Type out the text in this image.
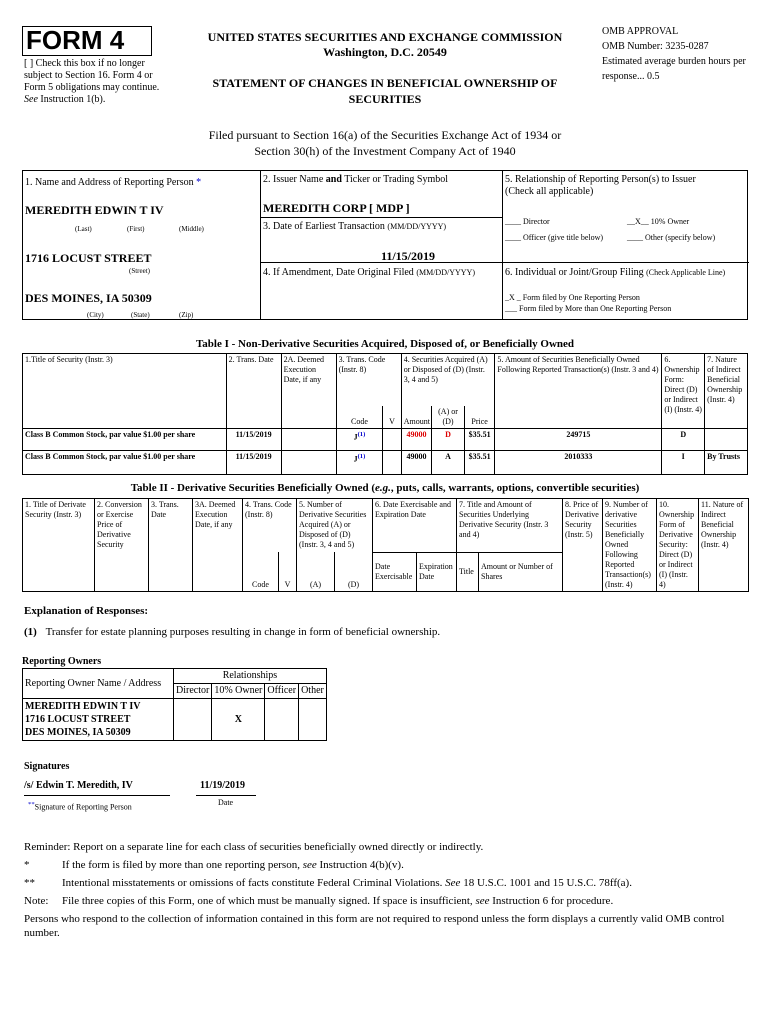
FORM 4
[ ] Check this box if no longer subject to Section 16. Form 4 or Form 5 obligations may continue. See Instruction 1(b).
UNITED STATES SECURITIES AND EXCHANGE COMMISSION
Washington, D.C. 20549
STATEMENT OF CHANGES IN BENEFICIAL OWNERSHIP OF SECURITIES
OMB APPROVAL
OMB Number: 3235-0287
Estimated average burden hours per response... 0.5
Filed pursuant to Section 16(a) of the Securities Exchange Act of 1934 or
Section 30(h) of the Investment Company Act of 1940
1. Name and Address of Reporting Person *
MEREDITH EDWIN T IV
(Last)	(First)	(Middle)
1716 LOCUST STREET
(Street)
DES MOINES, IA 50309
(City)	(State)	(Zip)
2. Issuer Name and Ticker or Trading Symbol
MEREDITH CORP [ MDP ]
3. Date of Earliest Transaction (MM/DD/YYYY)
11/15/2019
4. If Amendment, Date Original Filed (MM/DD/YYYY)
5. Relationship of Reporting Person(s) to Issuer
(Check all applicable)
____ Director	__X__ 10% Owner
____ Officer (give title below)	____ Other (specify below)
6. Individual or Joint/Group Filing (Check Applicable Line)
_X _ Form filed by One Reporting Person
___ Form filed by More than One Reporting Person
Table I - Non-Derivative Securities Acquired, Disposed of, or Beneficially Owned
1.Title of Security (Instr. 3)	2. Trans. Date	2A. Deemed Execution Date, if any	3. Trans. Code (Instr. 8)		4. Securities Acquired (A) or Disposed of (D) (Instr. 3, 4 and 5)			5. Amount of Securities Beneficially Owned Following Reported Transaction(s) (Instr. 3 and 4)	6. Ownership Form: Direct (D) or Indirect (I) (Instr. 4)	7. Nature of Indirect Beneficial Ownership (Instr. 4)
			Code	V	Amount	(A) or (D)	Price			
Class B Common Stock, par value $1.00 per share	11/15/2019		$J^{(1)}$		49000	D	$35.51	249715	D	
Class B Common Stock, par value $1.00 per share	11/15/2019		$J^{(1)}$		49000	A	$35.51	2010333	I	By Trusts
Table II - Derivative Securities Beneficially Owned (e.g., puts, calls, warrants, options, convertible securities)
1. Title of Derivate Security (Instr. 3)	2. Conversion or Exercise Price of Derivative Security	3. Trans. Date	3A. Deemed Execution Date, if any	4. Trans. Code (Instr. 8)		5. Number of Derivative Securities Acquired (A) or Disposed of (D) (Instr. 3, 4 and 5)		6. Date Exercisable and Expiration Date		7. Title and Amount of Securities Underlying Derivative Security (Instr. 3 and 4)		8. Price of Derivative Security (Instr. 5)	9. Number of derivative Securities Beneficially Owned Following Reported Transaction(s) (Instr. 4)	10. Ownership Form of Derivative Security: Direct (D) or Indirect (I) (Instr. 4)	11. Nature of Indirect Beneficial Ownership (Instr. 4)
				Code	V	(A)	(D)	Date Exercisable	Expiration Date	Title	Amount or Number of Shares				
Explanation of Responses:
(1) Transfer for estate planning purposes resulting in change in form of beneficial ownership.
Reporting Owners
Reporting Owner Name / Address	Relationships			
	Director	10% Owner	Officer	Other

MEREDITH EDWIN T IV
1716 LOCUST STREET
DES MOINES, IA 50309		X		
Signatures
/s/ Edwin T. Meredith, IV	11/19/2019
**Signature of Reporting Person
Date
Reminder: Report on a separate line for each class of securities beneficially owned directly or indirectly.
*	If the form is filed by more than one reporting person, see Instruction 4(b)(v).
** Intentional misstatements or omissions of facts constitute Federal Criminal Violations. See 18 U.S.C. 1001 and 15 U.S.C. 78ff(a).
Note: File three copies of this Form, one of which must be manually signed. If space is insufficient, see Instruction 6 for procedure.
Persons who respond to the collection of information contained in this form are not required to respond unless the form displays a currently valid OMB control number.
